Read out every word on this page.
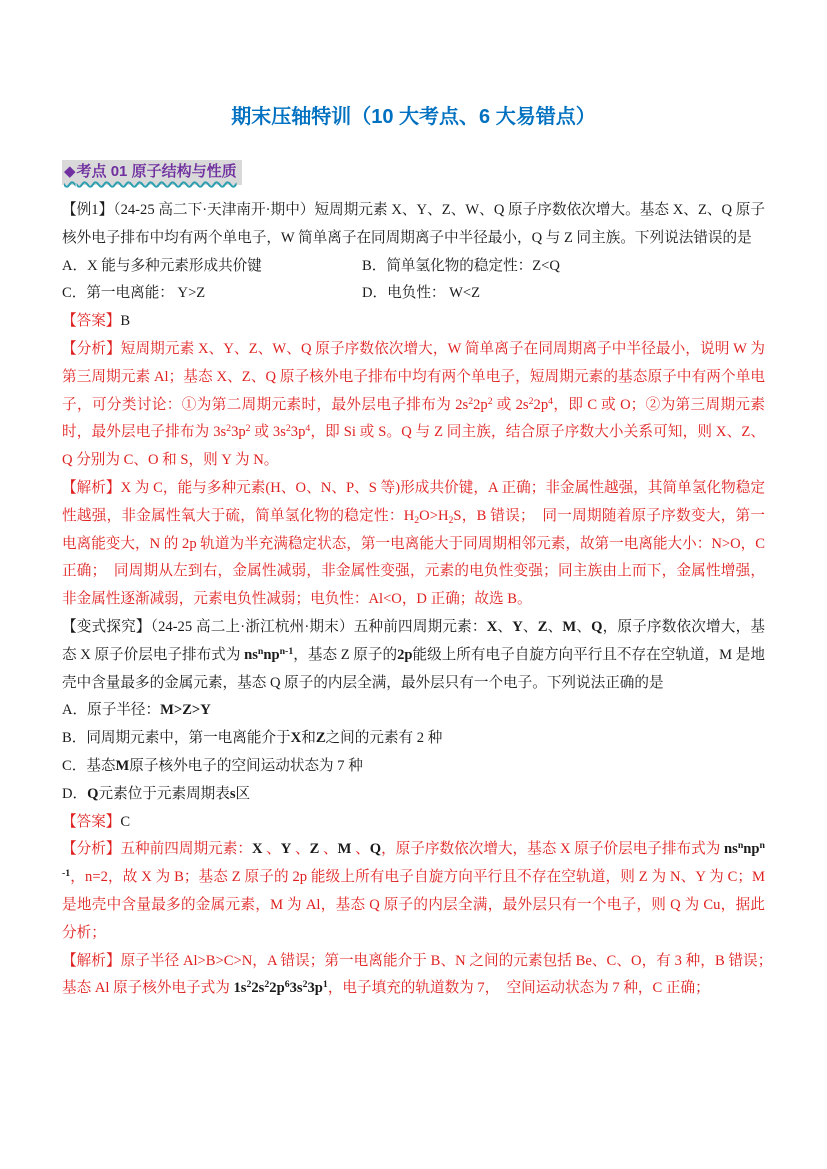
期末压轴特训（10 大考点、6 大易错点）
◆考点 01 原子结构与性质

【例1】（24-25 高二下·天津南开·期中）短周期元素 X、Y、Z、W、Q 原子序数依次增大。基态 X、Z、Q 原子核外电子排布中均有两个单电子，W 简单离子在同周期离子中半径最小，Q 与 Z 同主族。下列说法错误的是

A．X 能与多种元素形成共价键	B．简单氢化物的稳定性：Z<Q

C．第一电离能： Y>Z	D．电负性： W<Z

【答案】B

【分析】短周期元素 X、Y、Z、W、Q 原子序数依次增大，W 简单离子在同周期离子中半径最小，说明 W 为第三周期元素 Al；基态 X、Z、Q 原子核外电子排布中均有两个单电子，短周期元素的基态原子中有两个单电子，可分类讨论：①为第二周期元素时，最外层电子排布为 $2s^22p^2$ 或 $2s^22p^4$，即 C 或 O；②为第三周期元素时，最外层电子排布为 $3s^23p^2$ 或 $3s^23p^4$，即 Si 或 S。Q 与 Z 同主族，结合原子序数大小关系可知，则 X、Z、Q 分别为 C、O 和 S，则 Y 为 N。

【解析】X 为 C，能与多种元素(H、O、N、P、S 等)形成共价键，A 正确；非金属性越强，其简单氢化物稳定性越强，非金属性氧大于硫，简单氢化物的稳定性：$H_2O>H_2S$，B 错误；　同一周期随着原子序数变大，第一电离能变大，N 的 2p 轨道为半充满稳定状态，第一电离能大于同周期相邻元素，故第一电离能大小：N>O，C 正确；　同周期从左到右，金属性减弱，非金属性变强，元素的电负性变强；同主族由上而下，金属性增强，非金属性逐渐减弱，元素电负性减弱；电负性：Al<O，D 正确；故选 B。

【变式探究】（24-25 高二上·浙江杭州·期末）五种前四周期元素：X、Y、Z、M、Q，原子序数依次增大，基态 X 原子价层电子排布式为 $ns^nnp^{n-1}$，基态 Z 原子的2p能级上所有电子自旋方向平行且不存在空轨道，M 是地壳中含量最多的金属元素，基态 Q 原子的内层全满，最外层只有一个电子。下列说法正确的是

A．原子半径：M>Z>Y

B．同周期元素中，第一电离能介于X和Z之间的元素有 2 种

C．基态M原子核外电子的空间运动状态为 7 种

D．Q元素位于元素周期表s区

【答案】C

【分析】五种前四周期元素：X 、Y 、Z 、M 、Q，原子序数依次增大，基态 X 原子价层电子排布式为 $ns^nnp^{n-1}$，n=2，故 X 为 B；基态 Z 原子的 2p 能级上所有电子自旋方向平行且不存在空轨道，则 Z 为 N、Y 为 C；M 是地壳中含量最多的金属元素，M 为 Al，基态 Q 原子的内层全满，最外层只有一个电子，则 Q 为 Cu，据此分析；

【解析】原子半径 Al>B>C>N，A 错误；第一电离能介于 B、N 之间的元素包括 Be、C、O，有 3 种，B 错误；　基态 Al 原子核外电子式为 $1s^22s^22p^63s^23p^1$，电子填充的轨道数为 7，　空间运动状态为 7 种，C 正确；
